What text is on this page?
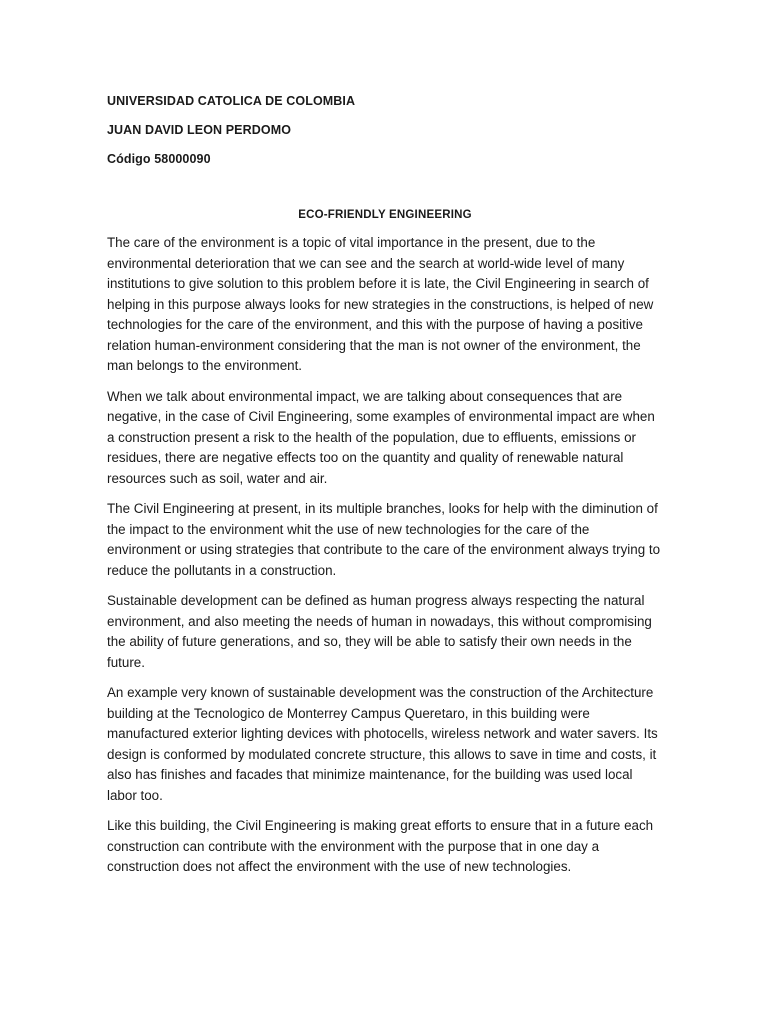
UNIVERSIDAD CATOLICA DE COLOMBIA
JUAN DAVID LEON PERDOMO
Código 58000090
ECO-FRIENDLY ENGINEERING

The care of the environment is a topic of vital importance in the present, due to the environmental deterioration that we can see and the search at world-wide level of many institutions to give solution to this problem before it is late, the Civil Engineering in search of helping in this purpose always looks for new strategies in the constructions, is helped of new technologies for the care of the environment, and this with the purpose of having a positive relation human-environment considering that the man is not owner of the environment, the man belongs to the environment.

When we talk about environmental impact, we are talking about consequences that are negative, in the case of Civil Engineering, some examples of environmental impact are when a construction present a risk to the health of the population, due to effluents, emissions or residues, there are negative effects too on the quantity and quality of renewable natural resources such as soil, water and air.

The Civil Engineering at present, in its multiple branches, looks for help with the diminution of the impact to the environment whit the use of new technologies for the care of the environment or using strategies that contribute to the care of the environment always trying to reduce the pollutants in a construction.

Sustainable development can be defined as human progress always respecting the natural environment, and also meeting the needs of human in nowadays, this without compromising the ability of future generations, and so, they will be able to satisfy their own needs in the future.

An example very known of sustainable development was the construction of the Architecture building at the Tecnologico de Monterrey Campus Queretaro, in this building were manufactured exterior lighting devices with photocells, wireless network and water savers. Its design is conformed by modulated concrete structure, this allows to save in time and costs, it also has finishes and facades that minimize maintenance, for the building was used local labor too.

Like this building, the Civil Engineering is making great efforts to ensure that in a future each construction can contribute with the environment with the purpose that in one day a construction does not affect the environment with the use of new technologies.
